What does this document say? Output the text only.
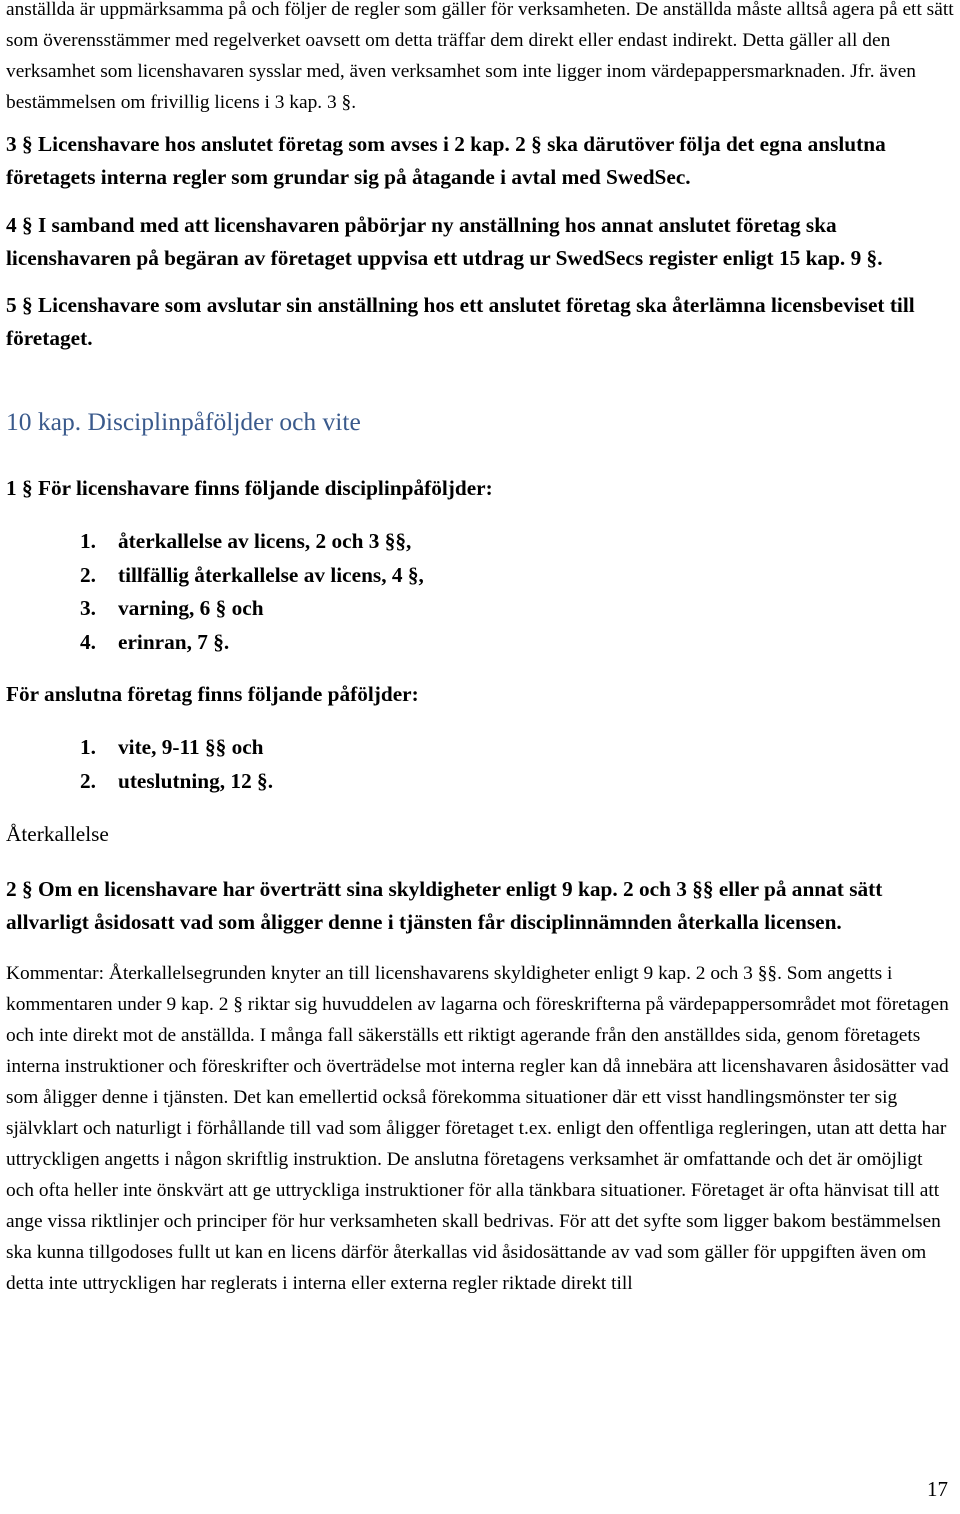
anställda är uppmärksamma på och följer de regler som gäller för verksamheten. De anställda måste alltså agera på ett sätt som överensstämmer med regelverket oavsett om detta träffar dem direkt eller endast indirekt. Detta gäller all den verksamhet som licenshavaren sysslar med, även verksamhet som inte ligger inom värdepappersmarknaden. Jfr. även bestämmelsen om frivillig licens i 3 kap. 3 §.

3 § Licenshavare hos anslutet företag som avses i 2 kap. 2 § ska därutöver följa det egna anslutna företagets interna regler som grundar sig på åtagande i avtal med SwedSec.

4 § I samband med att licenshavaren påbörjar ny anställning hos annat anslutet företag ska licenshavaren på begäran av företaget uppvisa ett utdrag ur SwedSecs register enligt 15 kap. 9 §.

5 § Licenshavare som avslutar sin anställning hos ett anslutet företag ska återlämna licensbeviset till företaget.

10 kap. Disciplinpåföljder och vite

1 § För licenshavare finns följande disciplinpåföljder:

1. återkallelse av licens, 2 och 3 §§,
2. tillfällig återkallelse av licens, 4 §,
3. varning, 6 § och
4. erinran, 7 §.

För anslutna företag finns följande påföljder:

1. vite, 9-11 §§ och
2. uteslutning, 12 §.

Återkallelse

2 § Om en licenshavare har överträtt sina skyldigheter enligt 9 kap. 2 och 3 §§ eller på annat sätt allvarligt åsidosatt vad som åligger denne i tjänsten får disciplinnämnden återkalla licensen.

Kommentar: Återkallelsegrunden knyter an till licenshavarens skyldigheter enligt 9 kap. 2 och 3 §§. Som angetts i kommentaren under 9 kap. 2 § riktar sig huvuddelen av lagarna och föreskrifterna på värdepappersområdet mot företagen och inte direkt mot de anställda. I många fall säkerställs ett riktigt agerande från den anställdes sida, genom företagets interna instruktioner och föreskrifter och överträdelse mot interna regler kan då innebära att licenshavaren åsidosätter vad som åligger denne i tjänsten. Det kan emellertid också förekomma situationer där ett visst handlingsmönster ter sig självklart och naturligt i förhållande till vad som åligger företaget t.ex. enligt den offentliga regleringen, utan att detta har uttryckligen angetts i någon skriftlig instruktion. De anslutna företagens verksamhet är omfattande och det är omöjligt och ofta heller inte önskvärt att ge uttryckliga instruktioner för alla tänkbara situationer. Företaget är ofta hänvisat till att ange vissa riktlinjer och principer för hur verksamheten skall bedrivas. För att det syfte som ligger bakom bestämmelsen ska kunna tillgodoses fullt ut kan en licens därför återkallas vid åsidosättande av vad som gäller för uppgiften även om detta inte uttryckligen har reglerats i interna eller externa regler riktade direkt till

17
